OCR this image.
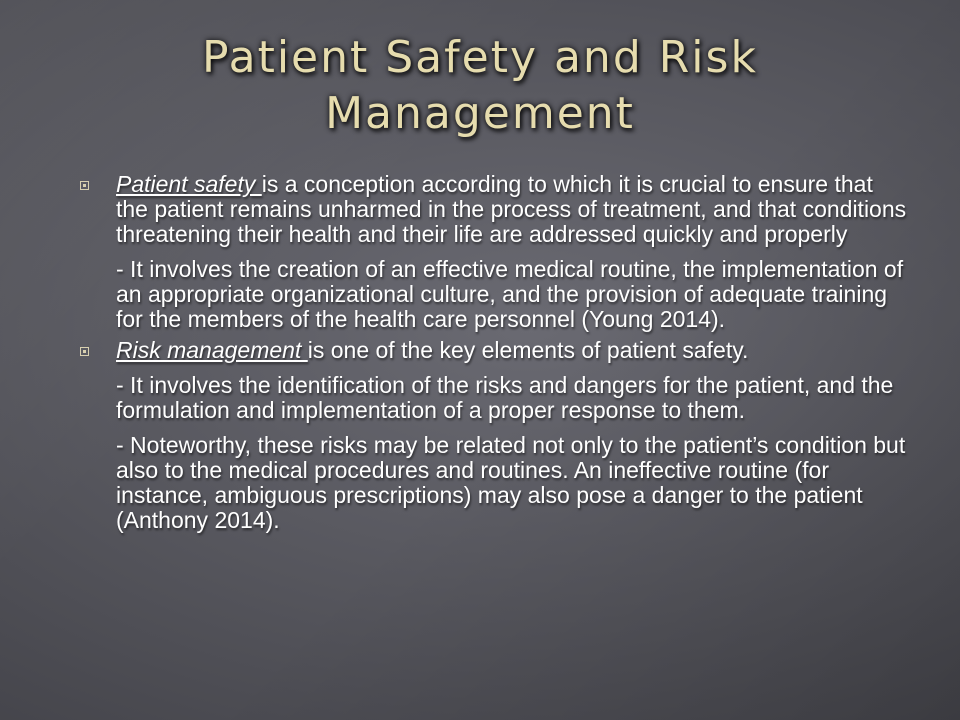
Patient Safety and Risk
Management

Patient safety is a conception according to which it is crucial to ensure that the patient remains unharmed in the process of treatment, and that conditions threatening their health and their life are addressed quickly and properly

- It involves the creation of an effective medical routine, the implementation of an appropriate organizational culture, and the provision of adequate training for the members of the health care personnel (Young 2014).

Risk management is one of the key elements of patient safety.

- It involves the identification of the risks and dangers for the patient, and the formulation and implementation of a proper response to them.

- Noteworthy, these risks may be related not only to the patient’s condition but also to the medical procedures and routines. An ineffective routine (for instance, ambiguous prescriptions) may also pose a danger to the patient (Anthony 2014).
